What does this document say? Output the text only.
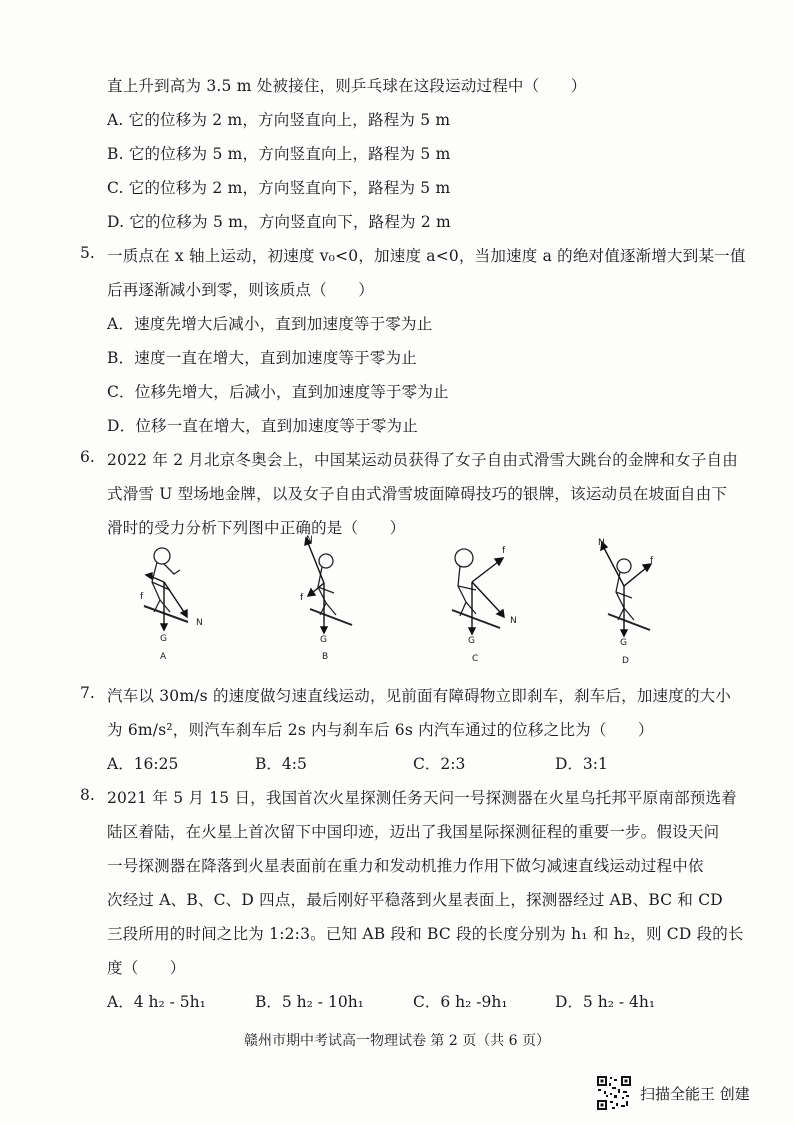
直上升到高为 3.5 m 处被接住，则乒乓球在这段运动过程中（　　）
A. 它的位移为 2 m，方向竖直向上，路程为 5 m
B. 它的位移为 5 m，方向竖直向上，路程为 5 m
C. 它的位移为 2 m，方向竖直向下，路程为 5 m
D. 它的位移为 5 m，方向竖直向下，路程为 2 m
5. 一质点在 x 轴上运动，初速度 v₀<0，加速度 a<0，当加速度 a 的绝对值逐渐增大到某一值
后再逐渐减小到零，则该质点（　　）
A．速度先增大后减小，直到加速度等于零为止
B．速度一直在增大，直到加速度等于零为止
C．位移先增大，后减小，直到加速度等于零为止
D．位移一直在增大，直到加速度等于零为止
6. 2022 年 2 月北京冬奥会上，中国某运动员获得了女子自由式滑雪大跳台的金牌和女子自由
式滑雪 U 型场地金牌，以及女子自由式滑雪坡面障碍技巧的银牌，该运动员在坡面自由下
滑时的受力分析下列图中正确的是（　　）
f
N
G
A
N
f
G
B
f
N
G
C
N
f
G
D
7. 汽车以 30m/s 的速度做匀速直线运动，见前面有障碍物立即刹车，刹车后，加速度的大小
为 6m/s²，则汽车刹车后 2s 内与刹车后 6s 内汽车通过的位移之比为（　　）
A．16:25	B．4:5	C．2:3	D．3:1
8. 2021 年 5 月 15 日，我国首次火星探测任务天问一号探测器在火星乌托邦平原南部预选着
陆区着陆，在火星上首次留下中国印迹，迈出了我国星际探测征程的重要一步。假设天问
一号探测器在降落到火星表面前在重力和发动机推力作用下做匀减速直线运动过程中依
次经过 A、B、C、D 四点，最后刚好平稳落到火星表面上，探测器经过 AB、BC 和 CD
三段所用的时间之比为 1:2:3。已知 AB 段和 BC 段的长度分别为 h₁ 和 h₂，则 CD 段的长
度（　　）
A．4 h₂ - 5h₁	B．5 h₂ - 10h₁	C．6 h₂ -9h₁	D．5 h₂ - 4h₁
赣州市期中考试高一物理试卷 第 2 页（共 6 页）
扫描全能王 创建
